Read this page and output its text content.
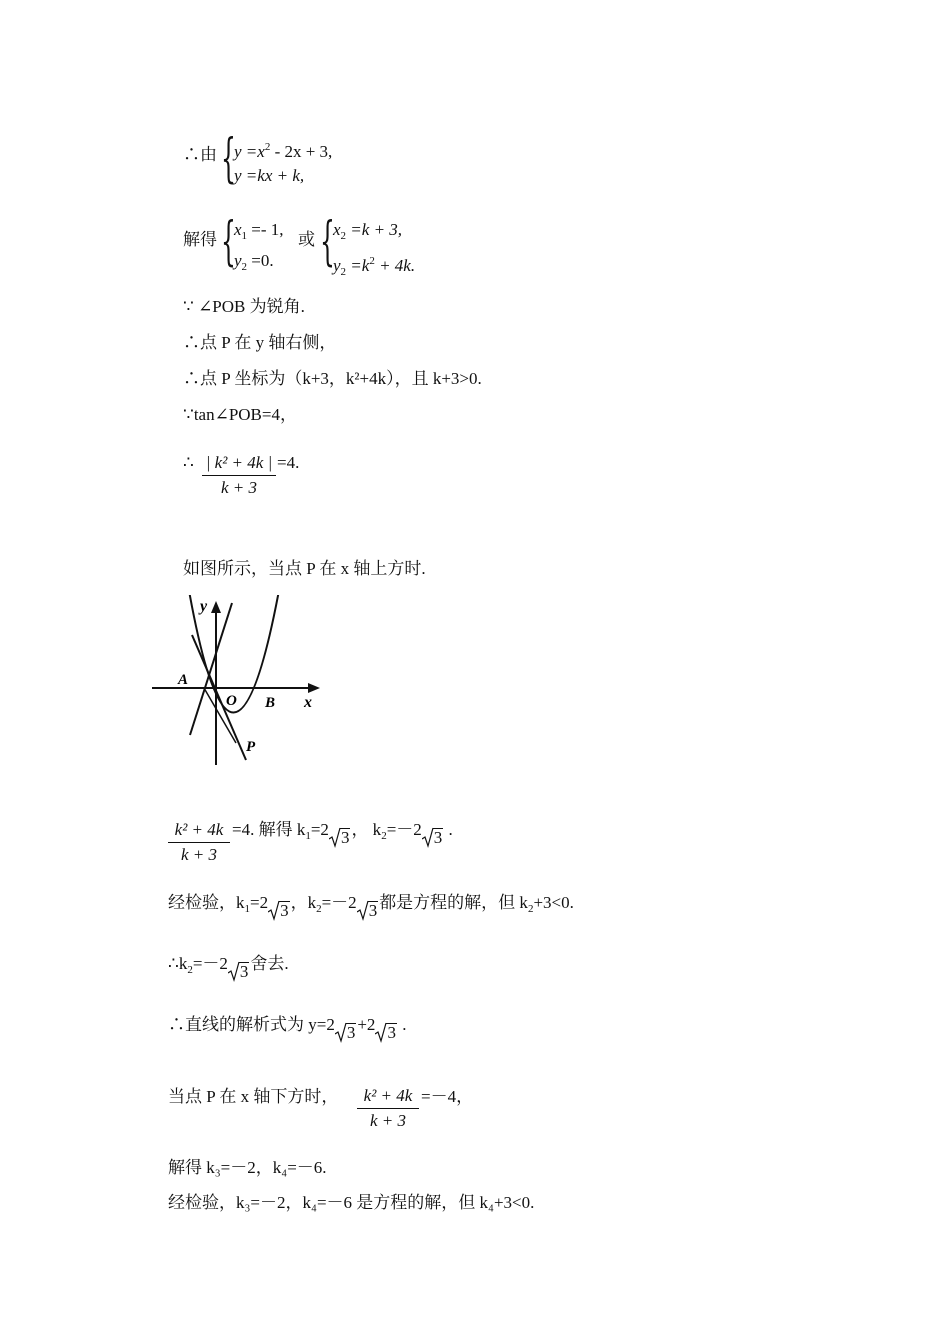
∴由 {
$y =x^2 - 2x + 3$,
y =kx + k,
解得 {
$x_1 =- 1$,
$y_2 =0$.
或 {
$x_2 =k + 3$,
$y_2 =k^2 + 4k$.
∵ ∠POB 为锐角.
∴点 P 在 y 轴右侧，
∴点 P 坐标为（k+3，k²+4k），且 k+3>0.
∵tan∠POB=4，
∴ $\frac{\text{| k² + 4k |}}{k + 3} =4$.
如图所示，当点 P 在 x 轴上方时.
y
x
A
O B
P
$\frac{\text{k² + 4k}}{k + 3} =4$. 解得 $k_1=2$ 3 ， $k_2=-2$ 3 .
经检验，$k_1=2$ 3 ，$k_2=-2$ 3 都是方程的解，但 $k_2+3<0$.
$\therefore k_2=-2$ 3 舍去.
∴直线的解析式为 y=2 3 +2 3 .
当点 P 在 x 轴下方时， $\frac{\text{k² + 4k}}{k + 3} =-4$，
解得 k₃=－2，k₄=－6.
经检验，k₃=－2，k₄=－6 是方程的解，但 k₄+3<0.
